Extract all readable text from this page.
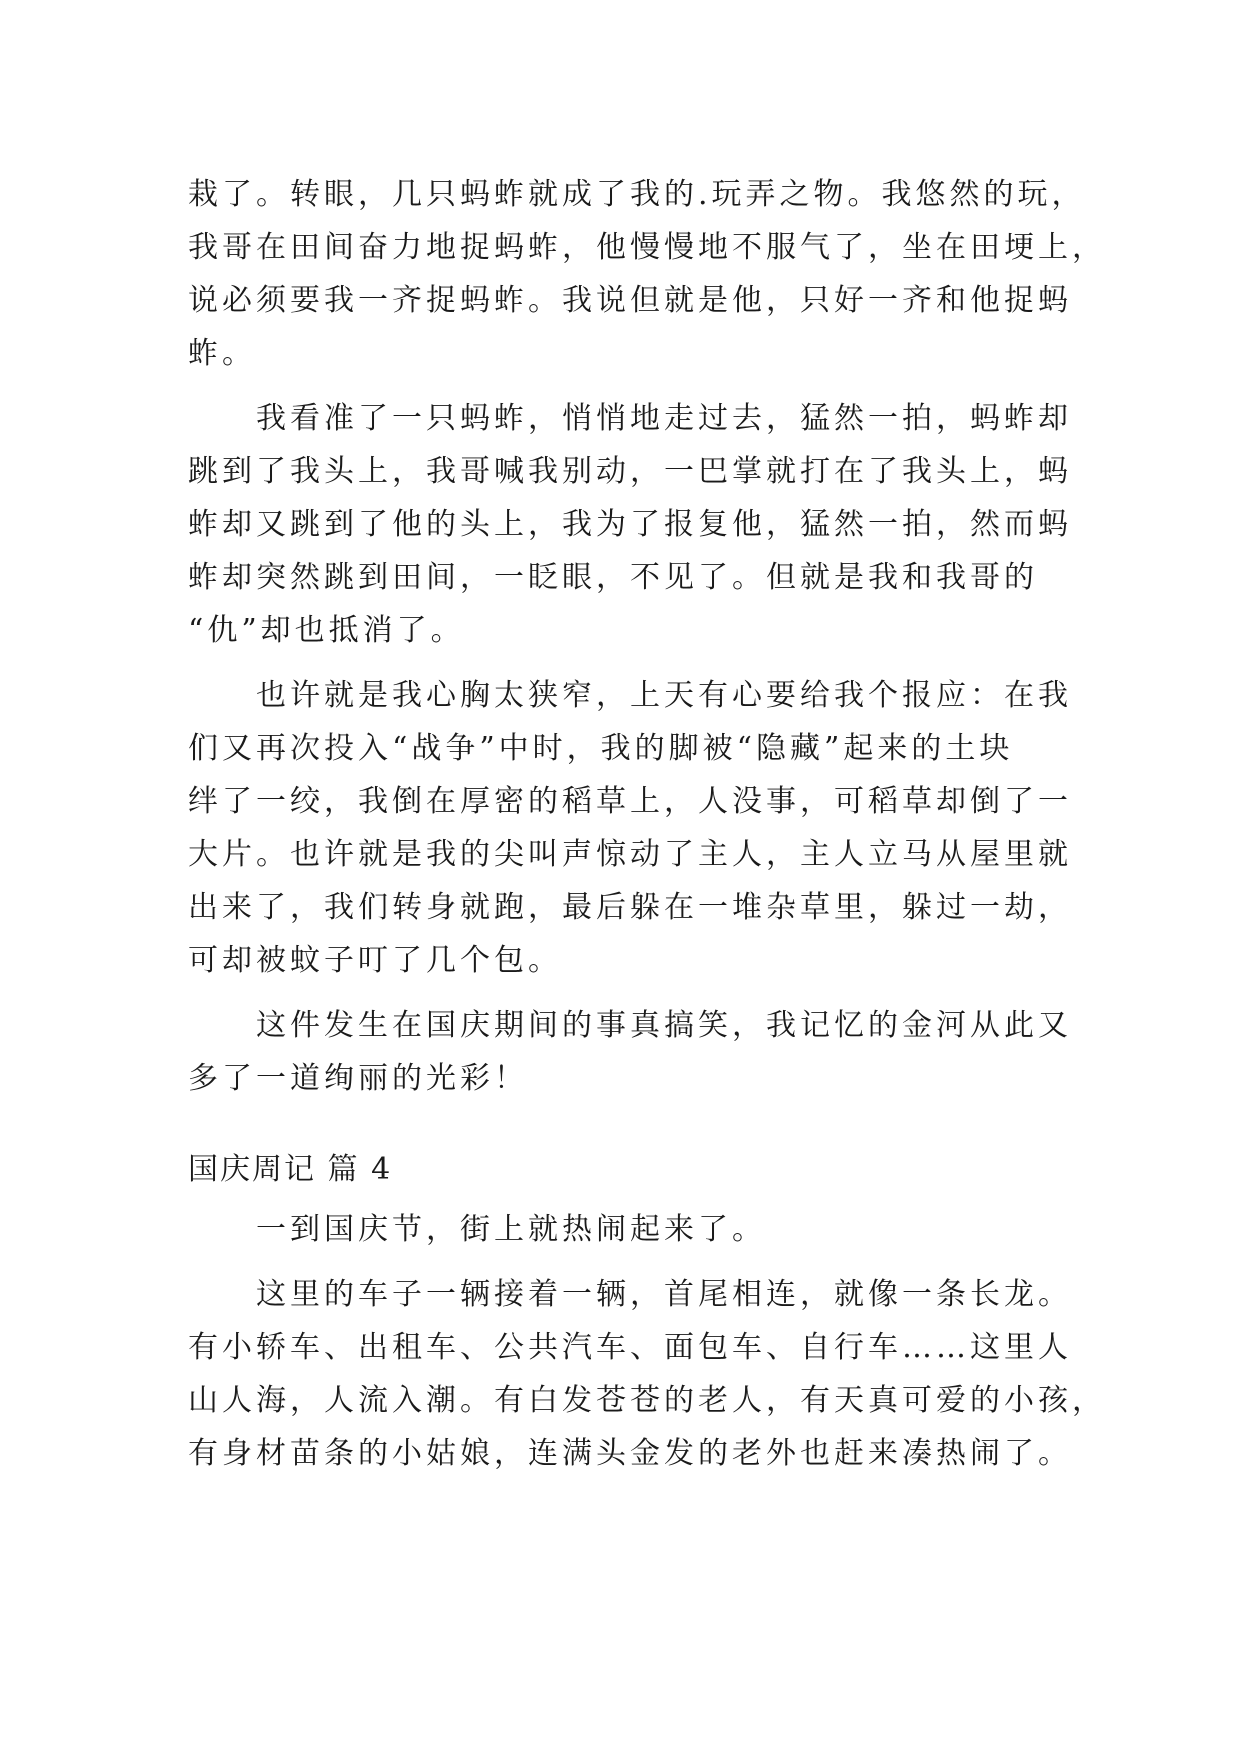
栽了。转眼，几只蚂蚱就成了我的.玩弄之物。我悠然的玩，
我哥在田间奋力地捉蚂蚱，他慢慢地不服气了，坐在田埂上，
说必须要我一齐捉蚂蚱。我说但就是他，只好一齐和他捉蚂
蚱。
我看准了一只蚂蚱，悄悄地走过去，猛然一拍，蚂蚱却
跳到了我头上，我哥喊我别动，一巴掌就打在了我头上，蚂
蚱却又跳到了他的头上，我为了报复他，猛然一拍，然而蚂
蚱却突然跳到田间，一眨眼，不见了。但就是我和我哥的
“仇”却也抵消了。
也许就是我心胸太狭窄，上天有心要给我个报应：在我
们又再次投入“战争”中时，我的脚被“隐藏”起来的土块
绊了一绞，我倒在厚密的稻草上，人没事，可稻草却倒了一
大片。也许就是我的尖叫声惊动了主人，主人立马从屋里就
出来了，我们转身就跑，最后躲在一堆杂草里，躲过一劫，
可却被蚊子叮了几个包。
这件发生在国庆期间的事真搞笑，我记忆的金河从此又
多了一道绚丽的光彩！
国庆周记 篇 4
一到国庆节，街上就热闹起来了。
这里的车子一辆接着一辆，首尾相连，就像一条长龙。
有小轿车、出租车、公共汽车、面包车、自行车……这里人
山人海，人流入潮。有白发苍苍的老人，有天真可爱的小孩，
有身材苗条的小姑娘，连满头金发的老外也赶来凑热闹了。
